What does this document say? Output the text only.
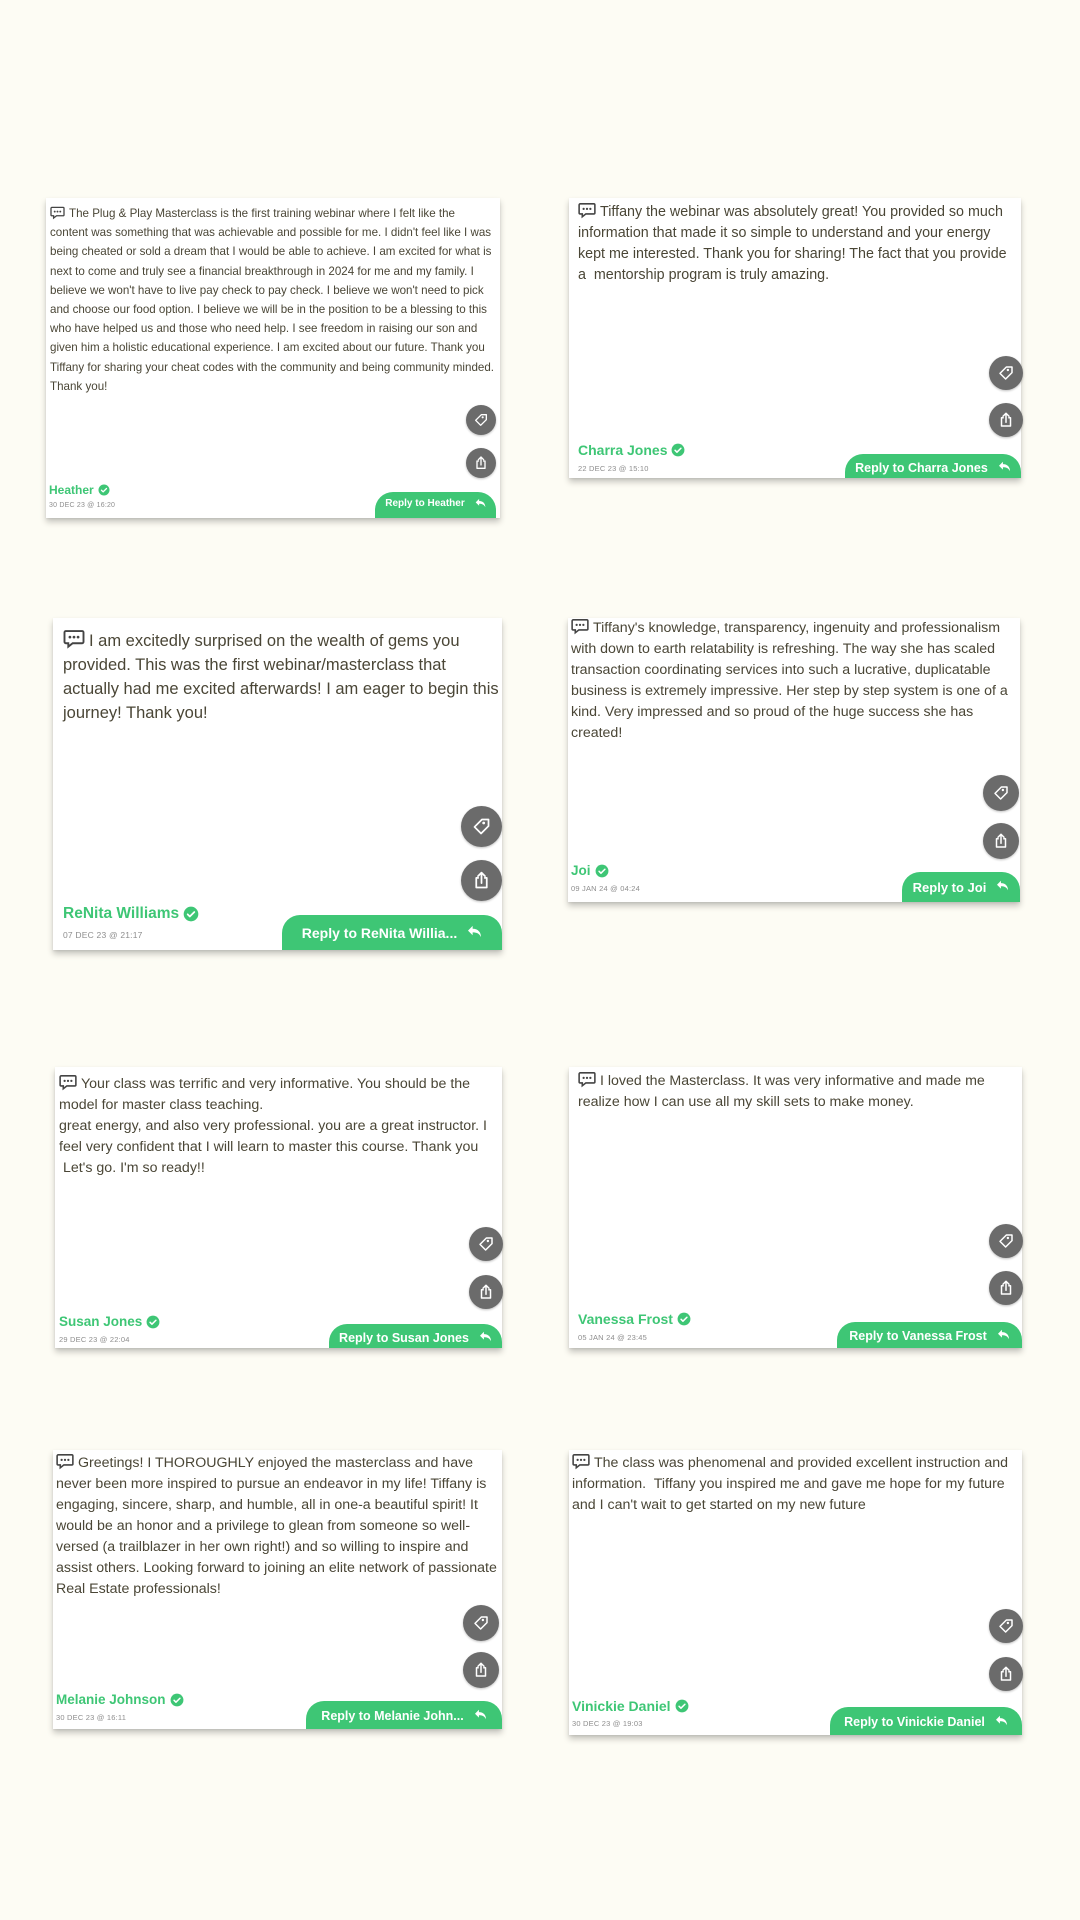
The Plug & Play Masterclass is the first training webinar where I felt like the content was something that was achievable and possible for me. I didn't feel like I was being cheated or sold a dream that I would be able to achieve. I am excited for what is next to come and truly see a financial breakthrough in 2024 for me and my family. I believe we won't have to live pay check to pay check. I believe we won't need to pick and choose our food option. I believe we will be in the position to be a blessing to this who have helped us and those who need help. I see freedom in raising our son and given him a holistic educational experience. I am excited about our future. Thank you Tiffany for sharing your cheat codes with the community and being community minded. Thank you!
Heather
30 DEC 23 @ 16:20	Reply to Heather
Tiffany the webinar was absolutely great! You provided so much information that made it so simple to understand and your energy kept me interested. Thank you for sharing! The fact that you provide a  mentorship program is truly amazing.
Charra Jones
22 DEC 23 @ 15:10	Reply to Charra Jones
I am excitedly surprised on the wealth of gems you provided. This was the first webinar/masterclass that actually had me excited afterwards! I am eager to begin this journey! Thank you!
ReNita Williams
07 DEC 23 @ 21:17	Reply to ReNita Willia...
Tiffany's knowledge, transparency, ingenuity and professionalism with down to earth relatability is refreshing. The way she has scaled transaction coordinating services into such a lucrative, duplicatable business is extremely impressive. Her step by step system is one of a kind. Very impressed and so proud of the huge success she has created!
Joi
09 JAN 24 @ 04:24	Reply to Joi
Your class was terrific and very informative. You should be the model for master class teaching.
great energy, and also very professional. you are a great instructor. I feel very confident that I will learn to master this course. Thank you
Let's go. I'm so ready!!
Susan Jones
29 DEC 23 @ 22:04	Reply to Susan Jones
I loved the Masterclass. It was very informative and made me realize how I can use all my skill sets to make money.
Vanessa Frost
05 JAN 24 @ 23:45	Reply to Vanessa Frost
Greetings! I THOROUGHLY enjoyed the masterclass and have never been more inspired to pursue an endeavor in my life! Tiffany is engaging, sincere, sharp, and humble, all in one-a beautiful spirit! It would be an honor and a privilege to glean from someone so well-versed (a trailblazer in her own right!) and so willing to inspire and assist others. Looking forward to joining an elite network of passionate Real Estate professionals!
Melanie Johnson
30 DEC 23 @ 16:11	Reply to Melanie John...
The class was phenomenal and provided excellent instruction and information.  Tiffany you inspired me and gave me hope for my future and I can't wait to get started on my new future
Vinickie Daniel
30 DEC 23 @ 19:03	Reply to Vinickie Daniel
